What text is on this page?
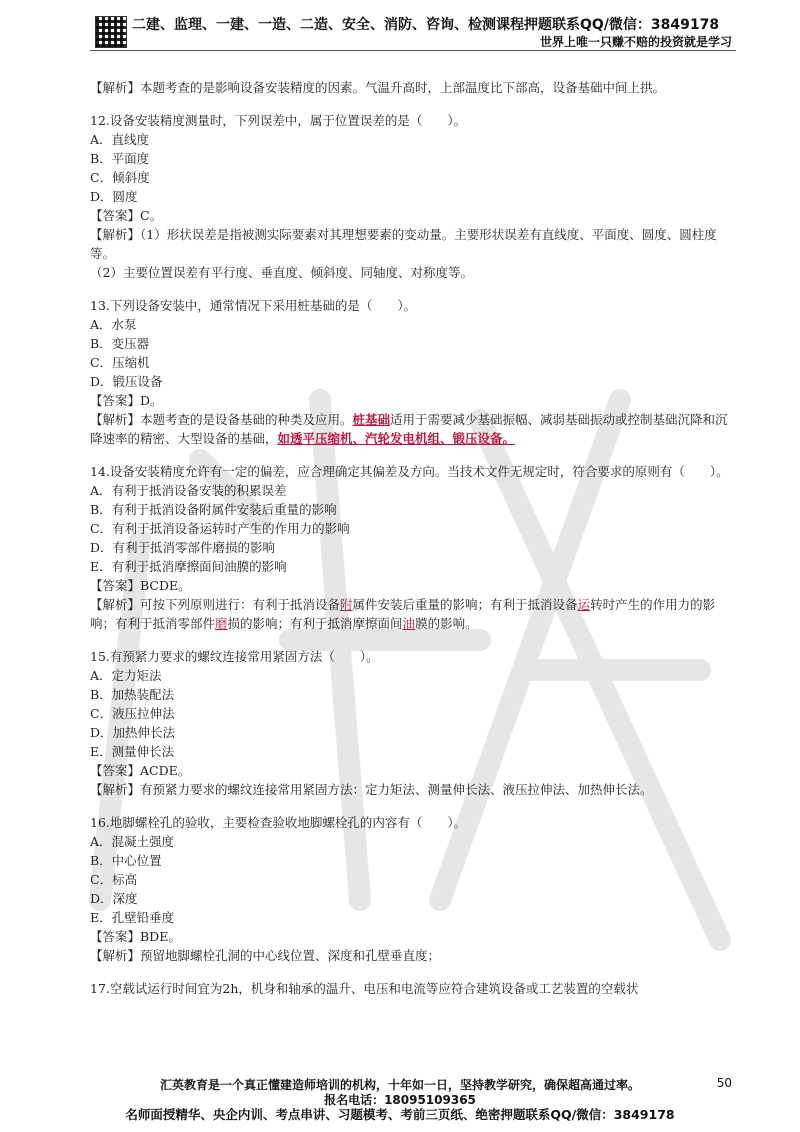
二建、监理、一建、一造、二造、安全、消防、咨询、检测课程押题联系QQ/微信：3849178
世界上唯一只赚不赔的投资就是学习

【解析】本题考查的是影响设备安装精度的因素。气温升高时，上部温度比下部高，设备基础中间上拱。

12.设备安装精度测量时，下列误差中，属于位置误差的是（　　）。

A．直线度

B．平面度

C．倾斜度

D．圆度

【答案】C。

【解析】（1）形状误差是指被测实际要素对其理想要素的变动量。主要形状误差有直线度、平面度、圆度、圆柱度等。

（2）主要位置误差有平行度、垂直度、倾斜度、同轴度、对称度等。

13.下列设备安装中，通常情况下采用桩基础的是（　　）。

A．水泵

B．变压器

C．压缩机

D．锻压设备

【答案】D。

【解析】本题考查的是设备基础的种类及应用。桩基础适用于需要减少基础振幅、减弱基础振动或控制基础沉降和沉降速率的精密、大型设备的基础，如透平压缩机、汽轮发电机组、锻压设备。

14.设备安装精度允许有一定的偏差，应合理确定其偏差及方向。当技术文件无规定时，符合要求的原则有（　　）。

A．有利于抵消设备安装的积累误差

B．有利于抵消设备附属件安装后重量的影响

C．有利于抵消设备运转时产生的作用力的影响

D．有利于抵消零部件磨损的影响

E．有利于抵消摩擦面间油膜的影响

【答案】BCDE。

【解析】可按下列原则进行：有利于抵消设备附属件安装后重量的影响；有利于抵消设备运转时产生的作用力的影响；有利于抵消零部件磨损的影响；有利于抵消摩擦面间油膜的影响。

15.有预紧力要求的螺纹连接常用紧固方法（　　）。

A．定力矩法

B．加热装配法

C．液压拉伸法

D．加热伸长法

E．测量伸长法

【答案】ACDE。

【解析】有预紧力要求的螺纹连接常用紧固方法：定力矩法、测量伸长法、液压拉伸法、加热伸长法。

16.地脚螺栓孔的验收，主要检查验收地脚螺栓孔的内容有（　　）。

A．混凝土强度

B．中心位置

C．标高

D．深度

E．孔壁铅垂度

【答案】BDE。

【解析】预留地脚螺栓孔洞的中心线位置、深度和孔壁垂直度；

17.空载试运行时间宜为2h，机身和轴承的温升、电压和电流等应符合建筑设备或工艺装置的空载状

汇英教育是一个真正懂建造师培训的机构，十年如一日，坚持教学研究，确保超高通过率。	50
报名电话：18095109365
名师面授精华、央企内训、考点串讲、习题模考、考前三页纸、绝密押题联系QQ/微信：3849178
